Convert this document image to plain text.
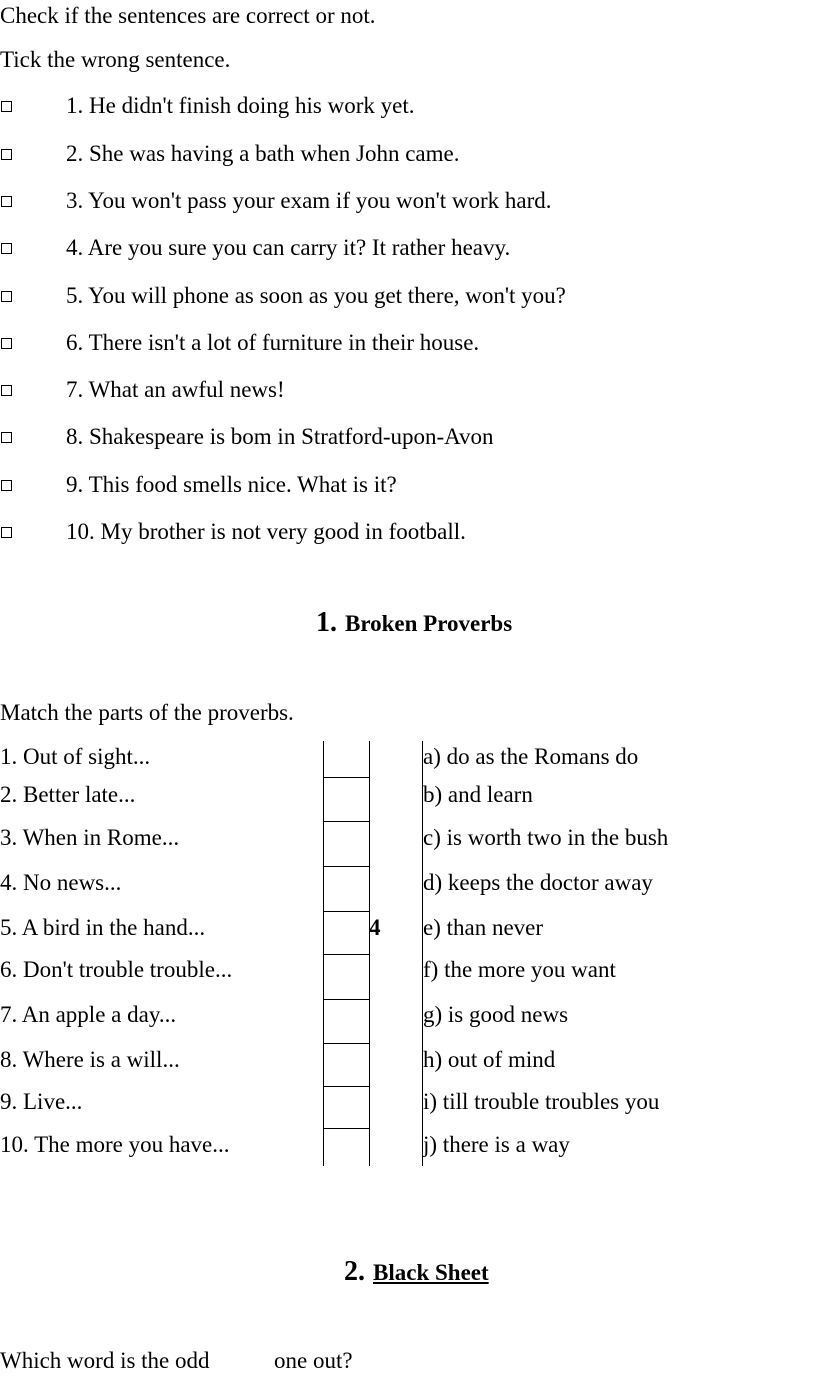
Check if the sentences are correct or not.
Tick the wrong sentence.
1. He didn't finish doing his work yet.
2. She was having a bath when John came.
3. You won't pass your exam if you won't work hard.
4. Are you sure you can carry it? It rather heavy.
5. You will phone as soon as you get there, won't you?
6. There isn't a lot of furniture in their house.
7. What an awful news!
8. Shakespeare is bom in Stratford-upon-Avon
9. This food smells nice. What is it?
10. My brother is not very good in football.
1. Broken Proverbs
Match the parts of the proverbs.
1. Out of sight...
2. Better late...
3. When in Rome...
4. No news...
5. A bird in the hand...
6. Don't trouble trouble...
7. An apple a day...
8. Where is a will...
9. Live...
10. The more you have...
4
a) do as the Romans do
b) and learn
c) is worth two in the bush
d) keeps the doctor away
e) than never
f) the more you want
g) is good news
h) out of mind
i) till trouble troubles you
j) there is a way
2. Black Sheet
Which word is the odd	one out?
